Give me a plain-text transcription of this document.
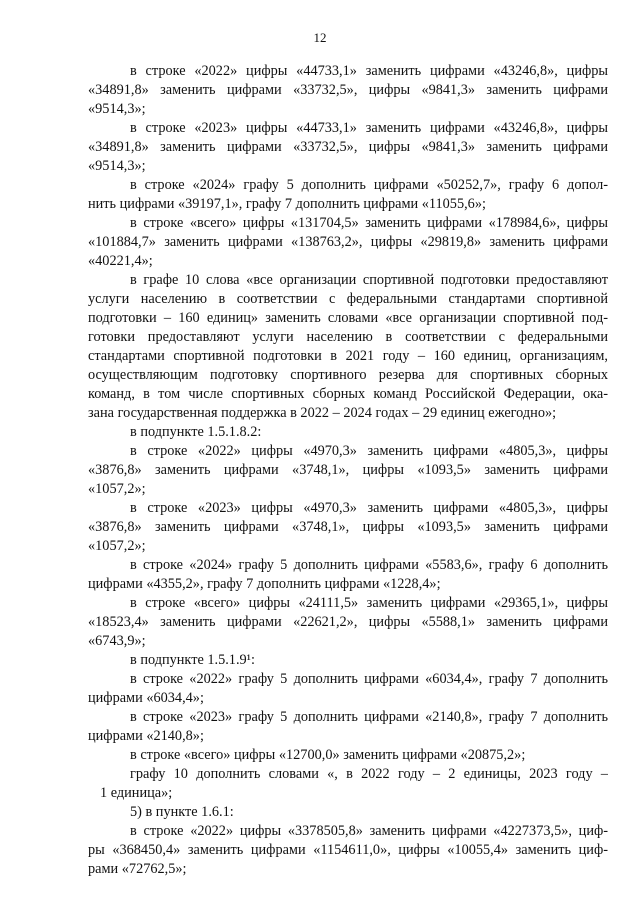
12
в строке «2022» цифры «44733,1» заменить цифрами «43246,8», цифры
«34891,8» заменить цифрами «33732,5», цифры «9841,3» заменить цифрами
«9514,3»;
в строке «2023» цифры «44733,1» заменить цифрами «43246,8», цифры
«34891,8» заменить цифрами «33732,5», цифры «9841,3» заменить цифрами
«9514,3»;
в строке «2024» графу 5 дополнить цифрами «50252,7», графу 6 допол-
нить цифрами «39197,1», графу 7 дополнить цифрами «11055,6»;
в строке «всего» цифры «131704,5» заменить цифрами «178984,6», цифры
«101884,7» заменить цифрами «138763,2», цифры «29819,8» заменить цифрами
«40221,4»;
в графе 10 слова «все организации спортивной подготовки предоставляют
услуги населению в соответствии с федеральными стандартами спортивной
подготовки – 160 единиц» заменить словами «все организации спортивной под-
готовки предоставляют услуги населению в соответствии с федеральными
стандартами спортивной подготовки в 2021 году – 160 единиц, организациям,
осуществляющим подготовку спортивного резерва для спортивных сборных
команд, в том числе спортивных сборных команд Российской Федерации, ока-
зана государственная поддержка в 2022 – 2024 годах – 29 единиц ежегодно»;
в подпункте 1.5.1.8.2:
в строке «2022» цифры «4970,3» заменить цифрами «4805,3», цифры
«3876,8» заменить цифрами «3748,1», цифры «1093,5» заменить цифрами
«1057,2»;
в строке «2023» цифры «4970,3» заменить цифрами «4805,3», цифры
«3876,8» заменить цифрами «3748,1», цифры «1093,5» заменить цифрами
«1057,2»;
в строке «2024» графу 5 дополнить цифрами «5583,6», графу 6 дополнить
цифрами «4355,2», графу 7 дополнить цифрами «1228,4»;
в строке «всего» цифры «24111,5» заменить цифрами «29365,1», цифры
«18523,4» заменить цифрами «22621,2», цифры «5588,1» заменить цифрами
«6743,9»;
в подпункте 1.5.1.9¹:
в строке «2022» графу 5 дополнить цифрами «6034,4», графу 7 дополнить
цифрами «6034,4»;
в строке «2023» графу 5 дополнить цифрами «2140,8», графу 7 дополнить
цифрами «2140,8»;
в строке «всего» цифры «12700,0» заменить цифрами «20875,2»;
графу 10 дополнить словами «, в 2022 году – 2 единицы, 2023 году –
1 единица»;
5) в пункте 1.6.1:
в строке «2022» цифры «3378505,8» заменить цифрами «4227373,5», циф-
ры «368450,4» заменить цифрами «1154611,0», цифры «10055,4» заменить циф-
рами «72762,5»;
